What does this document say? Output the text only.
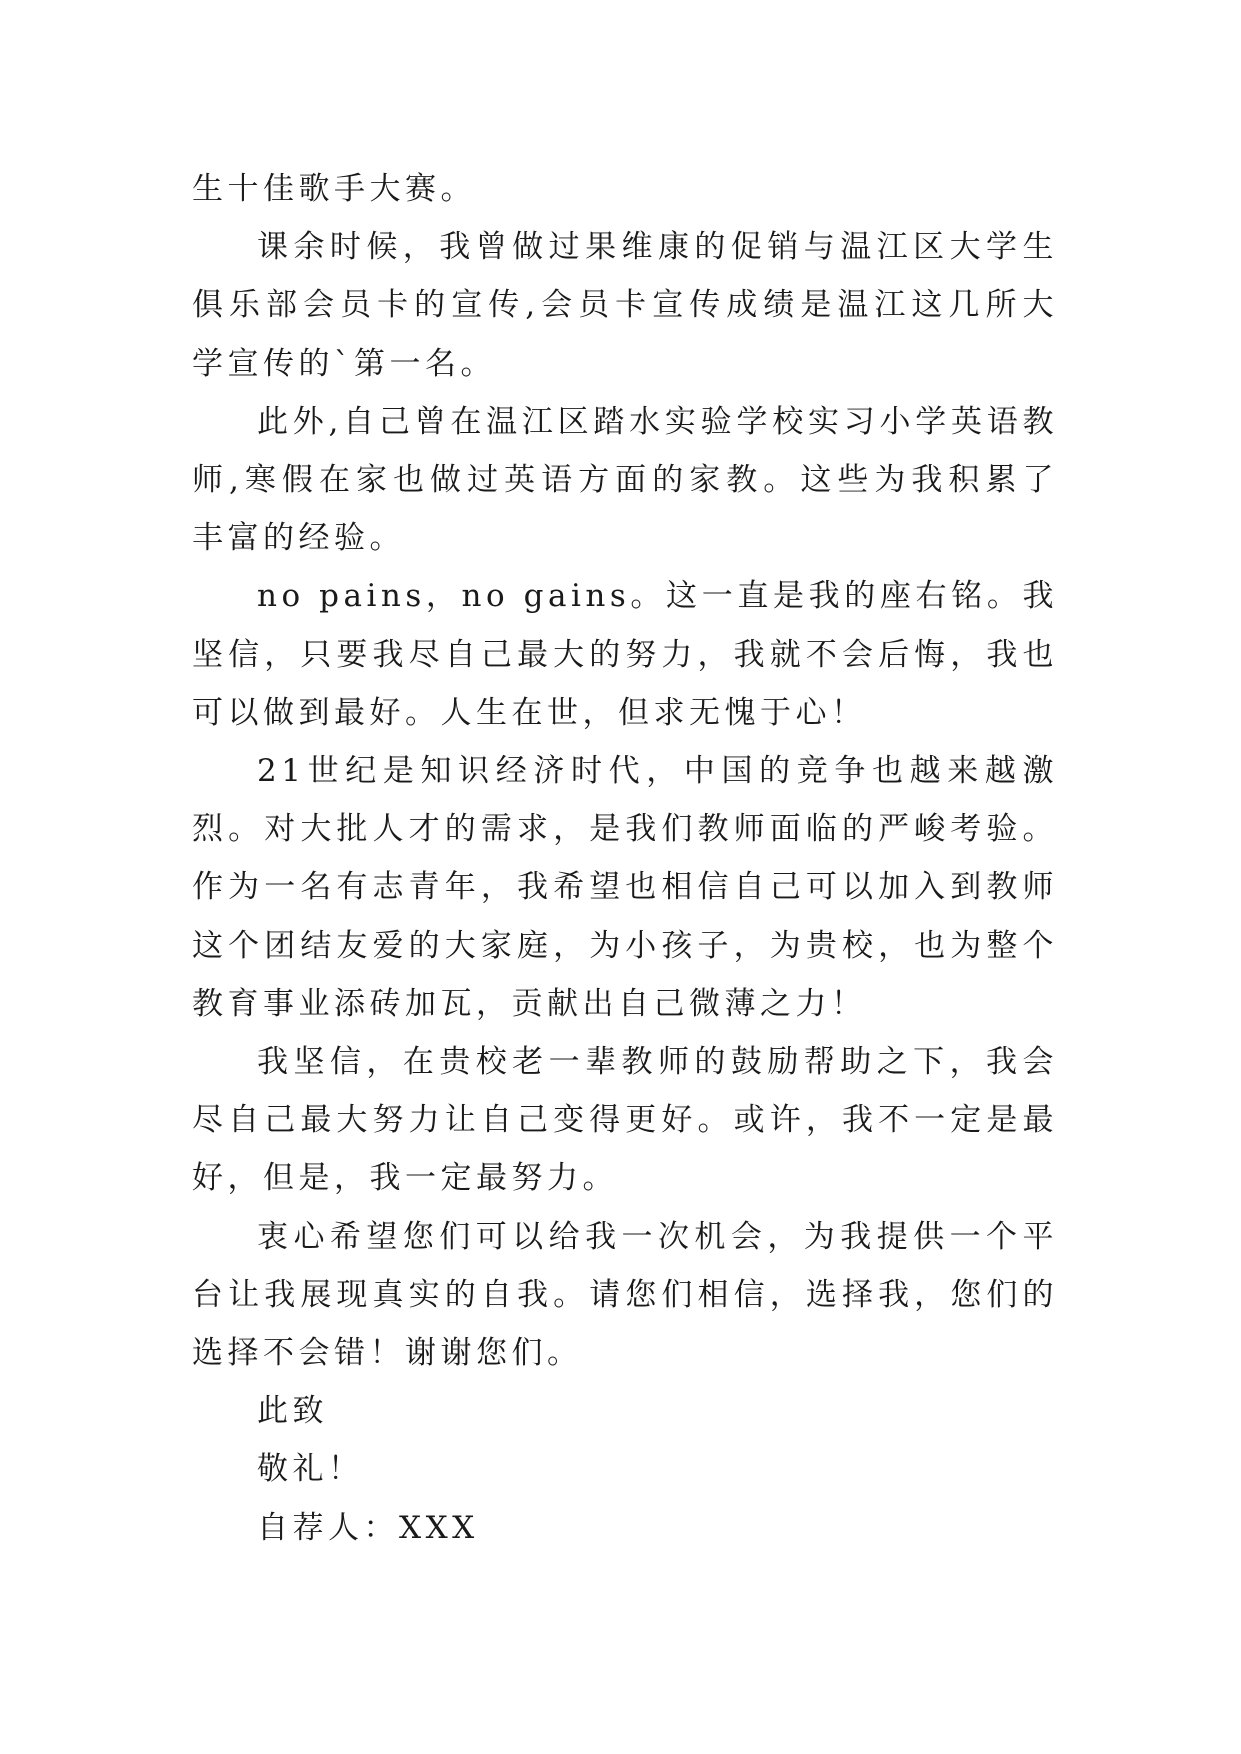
生十佳歌手大赛。

课余时候，我曾做过果维康的促销与温江区大学生俱乐部会员卡的宣传,会员卡宣传成绩是温江这几所大学宣传的`第一名。

此外,自己曾在温江区踏水实验学校实习小学英语教师,寒假在家也做过英语方面的家教。这些为我积累了丰富的经验。

no pains，no gains。这一直是我的座右铭。我坚信，只要我尽自己最大的努力，我就不会后悔，我也可以做到最好。人生在世，但求无愧于心！

21世纪是知识经济时代，中国的竞争也越来越激烈。对大批人才的需求，是我们教师面临的严峻考验。作为一名有志青年，我希望也相信自己可以加入到教师这个团结友爱的大家庭，为小孩子，为贵校，也为整个教育事业添砖加瓦，贡献出自己微薄之力！

我坚信，在贵校老一辈教师的鼓励帮助之下，我会尽自己最大努力让自己变得更好。或许，我不一定是最好，但是，我一定最努力。

衷心希望您们可以给我一次机会，为我提供一个平台让我展现真实的自我。请您们相信，选择我，您们的选择不会错！谢谢您们。

此致

敬礼！

自荐人：XXX
